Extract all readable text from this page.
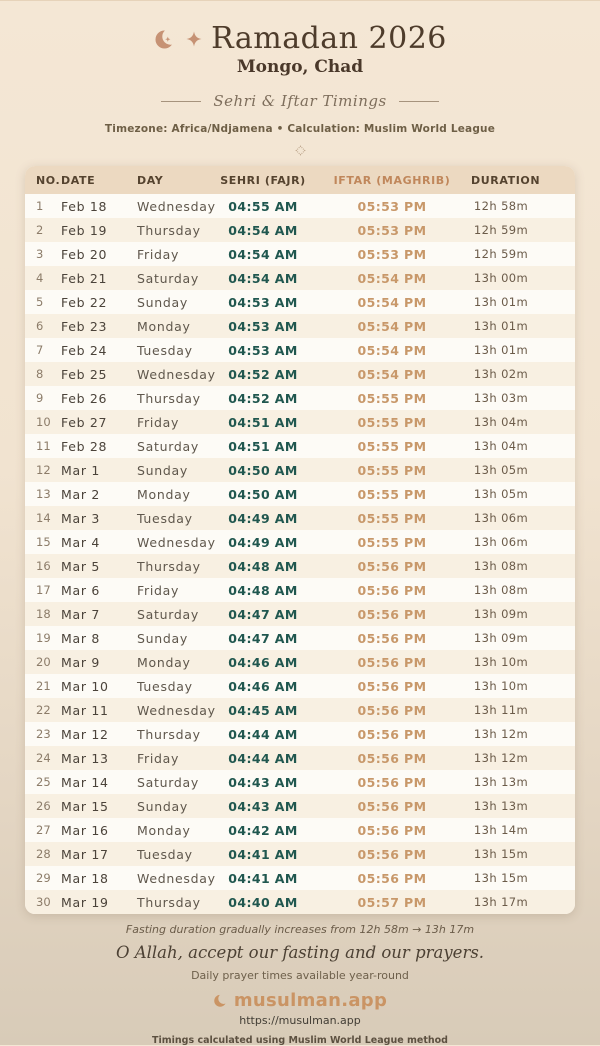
Ramadan 2026
Mongo, Chad
Sehri & Iftar Timings
Timezone: Africa/Ndjamena • Calculation: Muslim World League
NO.	DATE	DAY	SEHRI (FAJR)	IFTAR (MAGHRIB)	DURATION
1	Feb 18	Wednesday	04:55 AM	05:53 PM	12h 58m
2	Feb 19	Thursday	04:54 AM	05:53 PM	12h 59m
3	Feb 20	Friday	04:54 AM	05:53 PM	12h 59m
4	Feb 21	Saturday	04:54 AM	05:54 PM	13h 00m
5	Feb 22	Sunday	04:53 AM	05:54 PM	13h 01m
6	Feb 23	Monday	04:53 AM	05:54 PM	13h 01m
7	Feb 24	Tuesday	04:53 AM	05:54 PM	13h 01m
8	Feb 25	Wednesday	04:52 AM	05:54 PM	13h 02m
9	Feb 26	Thursday	04:52 AM	05:55 PM	13h 03m
10	Feb 27	Friday	04:51 AM	05:55 PM	13h 04m
11	Feb 28	Saturday	04:51 AM	05:55 PM	13h 04m
12	Mar 1	Sunday	04:50 AM	05:55 PM	13h 05m
13	Mar 2	Monday	04:50 AM	05:55 PM	13h 05m
14	Mar 3	Tuesday	04:49 AM	05:55 PM	13h 06m
15	Mar 4	Wednesday	04:49 AM	05:55 PM	13h 06m
16	Mar 5	Thursday	04:48 AM	05:56 PM	13h 08m
17	Mar 6	Friday	04:48 AM	05:56 PM	13h 08m
18	Mar 7	Saturday	04:47 AM	05:56 PM	13h 09m
19	Mar 8	Sunday	04:47 AM	05:56 PM	13h 09m
20	Mar 9	Monday	04:46 AM	05:56 PM	13h 10m
21	Mar 10	Tuesday	04:46 AM	05:56 PM	13h 10m
22	Mar 11	Wednesday	04:45 AM	05:56 PM	13h 11m
23	Mar 12	Thursday	04:44 AM	05:56 PM	13h 12m
24	Mar 13	Friday	04:44 AM	05:56 PM	13h 12m
25	Mar 14	Saturday	04:43 AM	05:56 PM	13h 13m
26	Mar 15	Sunday	04:43 AM	05:56 PM	13h 13m
27	Mar 16	Monday	04:42 AM	05:56 PM	13h 14m
28	Mar 17	Tuesday	04:41 AM	05:56 PM	13h 15m
29	Mar 18	Wednesday	04:41 AM	05:56 PM	13h 15m
30	Mar 19	Thursday	04:40 AM	05:57 PM	13h 17m
Fasting duration gradually increases from 12h 58m → 13h 17m
O Allah, accept our fasting and our prayers.
Daily prayer times available year-round
musulman.app
https://musulman.app
Timings calculated using Muslim World League method
